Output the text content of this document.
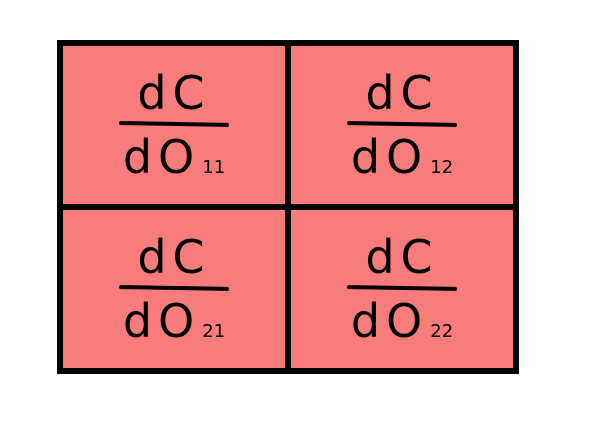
dC
dO 11
dC
dO 12
dC
dO 21
dC
dO 22
